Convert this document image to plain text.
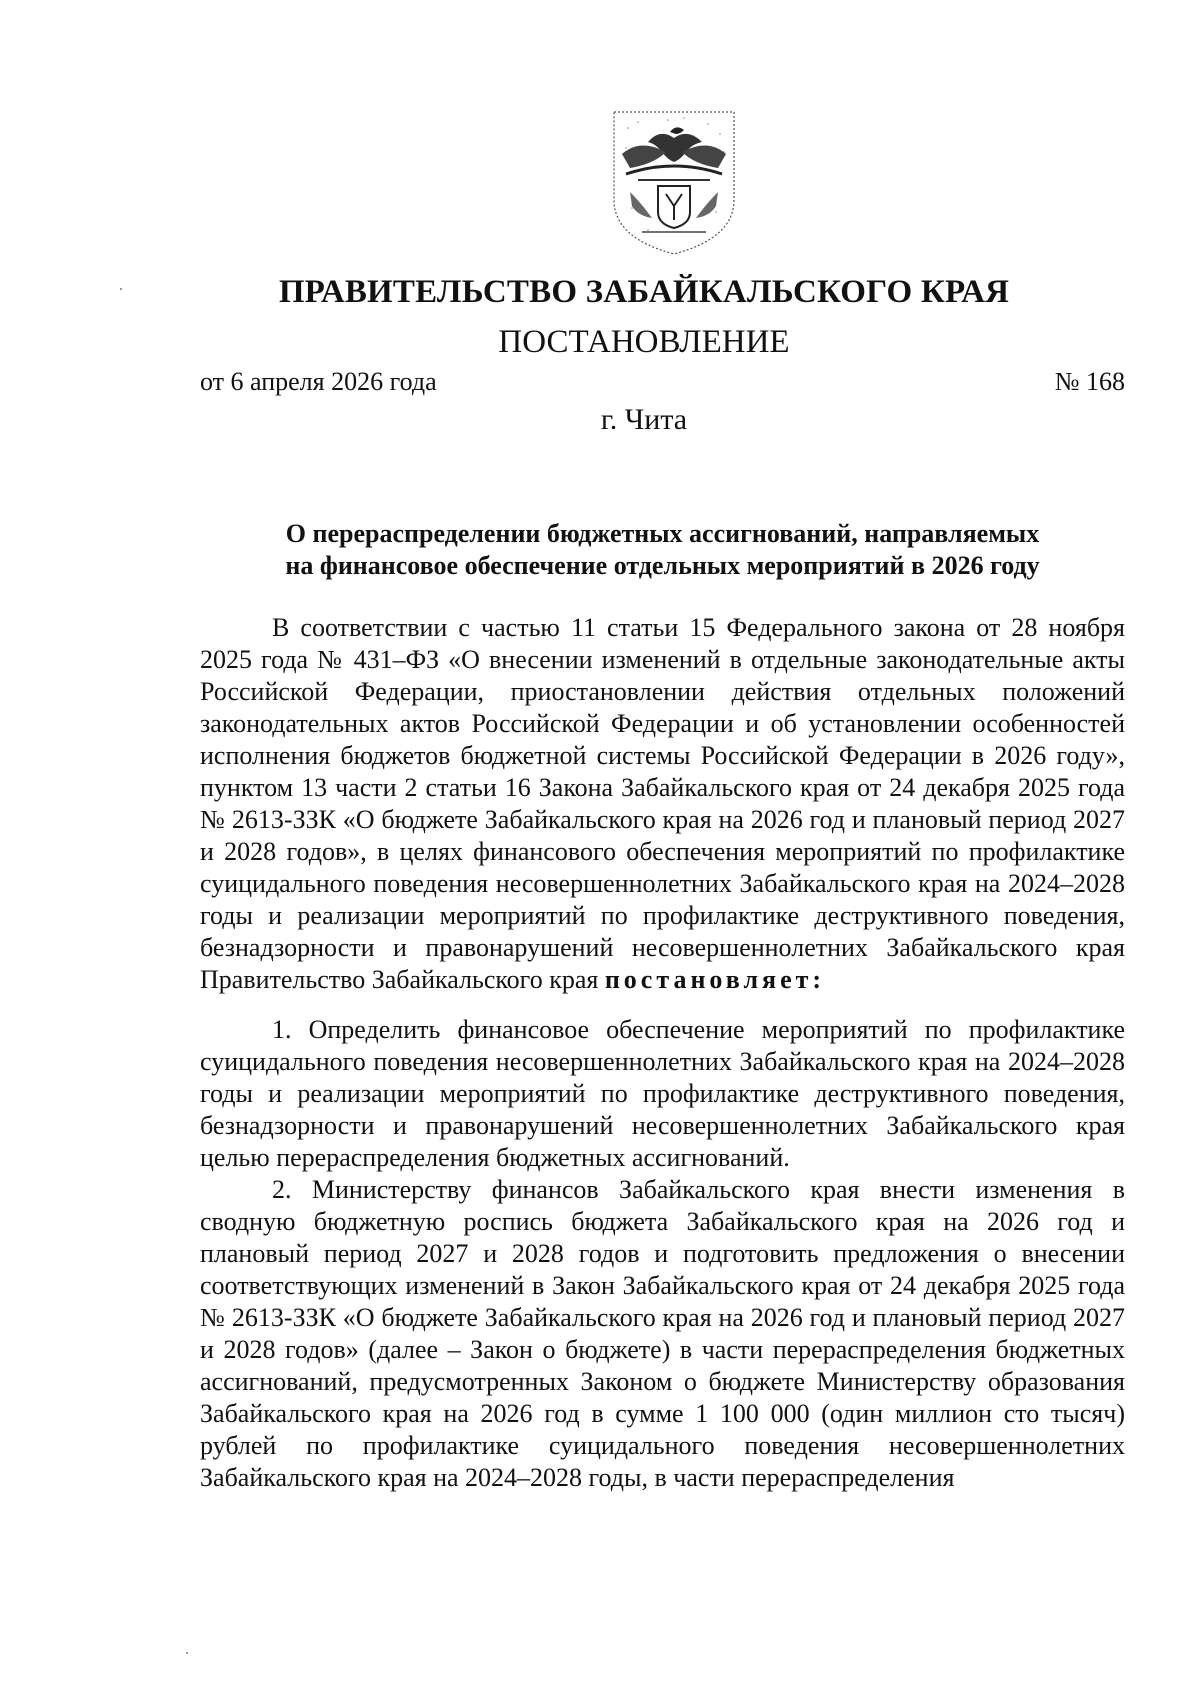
ПРАВИТЕЛЬСТВО ЗАБАЙКАЛЬСКОГО КРАЯ
ПОСТАНОВЛЕНИЕ
от 6 апреля 2026 года	№ 168
г. Чита
О перераспределении бюджетных ассигнований, направляемых
на финансовое обеспечение отдельных мероприятий в 2026 году

В соответствии с частью 11 статьи 15 Федерального закона от 28 ноября 2025 года № 431–ФЗ «О внесении изменений в отдельные законодательные акты Российской Федерации, приостановлении действия отдельных положений законодательных актов Российской Федерации и об установлении особенностей исполнения бюджетов бюджетной системы Российской Федерации в 2026 году», пунктом 13 части 2 статьи 16 Закона Забайкальского края от 24 декабря 2025 года № 2613-ЗЗК «О бюджете Забайкальского края на 2026 год и плановый период 2027 и 2028 годов», в целях финансового обеспечения мероприятий по профилактике суицидального поведения несовершеннолетних Забайкальского края на 2024–2028 годы и реализации мероприятий по профилактике деструктивного поведения, безнадзорности и правонарушений несовершеннолетних Забайкальского края Правительство Забайкальского края постановляет:

1. Определить финансовое обеспечение мероприятий по профилактике суицидального поведения несовершеннолетних Забайкальского края на 2024–2028 годы и реализации мероприятий по профилактике деструктивного поведения, безнадзорности и правонарушений несовершеннолетних Забайкальского края целью перераспределения бюджетных ассигнований.

2. Министерству финансов Забайкальского края внести изменения в сводную бюджетную роспись бюджета Забайкальского края на 2026 год и плановый период 2027 и 2028 годов и подготовить предложения о внесении соответствующих изменений в Закон Забайкальского края от 24 декабря 2025 года № 2613-ЗЗК «О бюджете Забайкальского края на 2026 год и плановый период 2027 и 2028 годов» (далее – Закон о бюджете) в части перераспределения бюджетных ассигнований, предусмотренных Законом о бюджете Министерству образования Забайкальского края на 2026 год в сумме 1 100 000 (один миллион сто тысяч) рублей по профилактике суицидального поведения несовершеннолетних Забайкальского края на 2024–2028 годы, в части перераспределения
